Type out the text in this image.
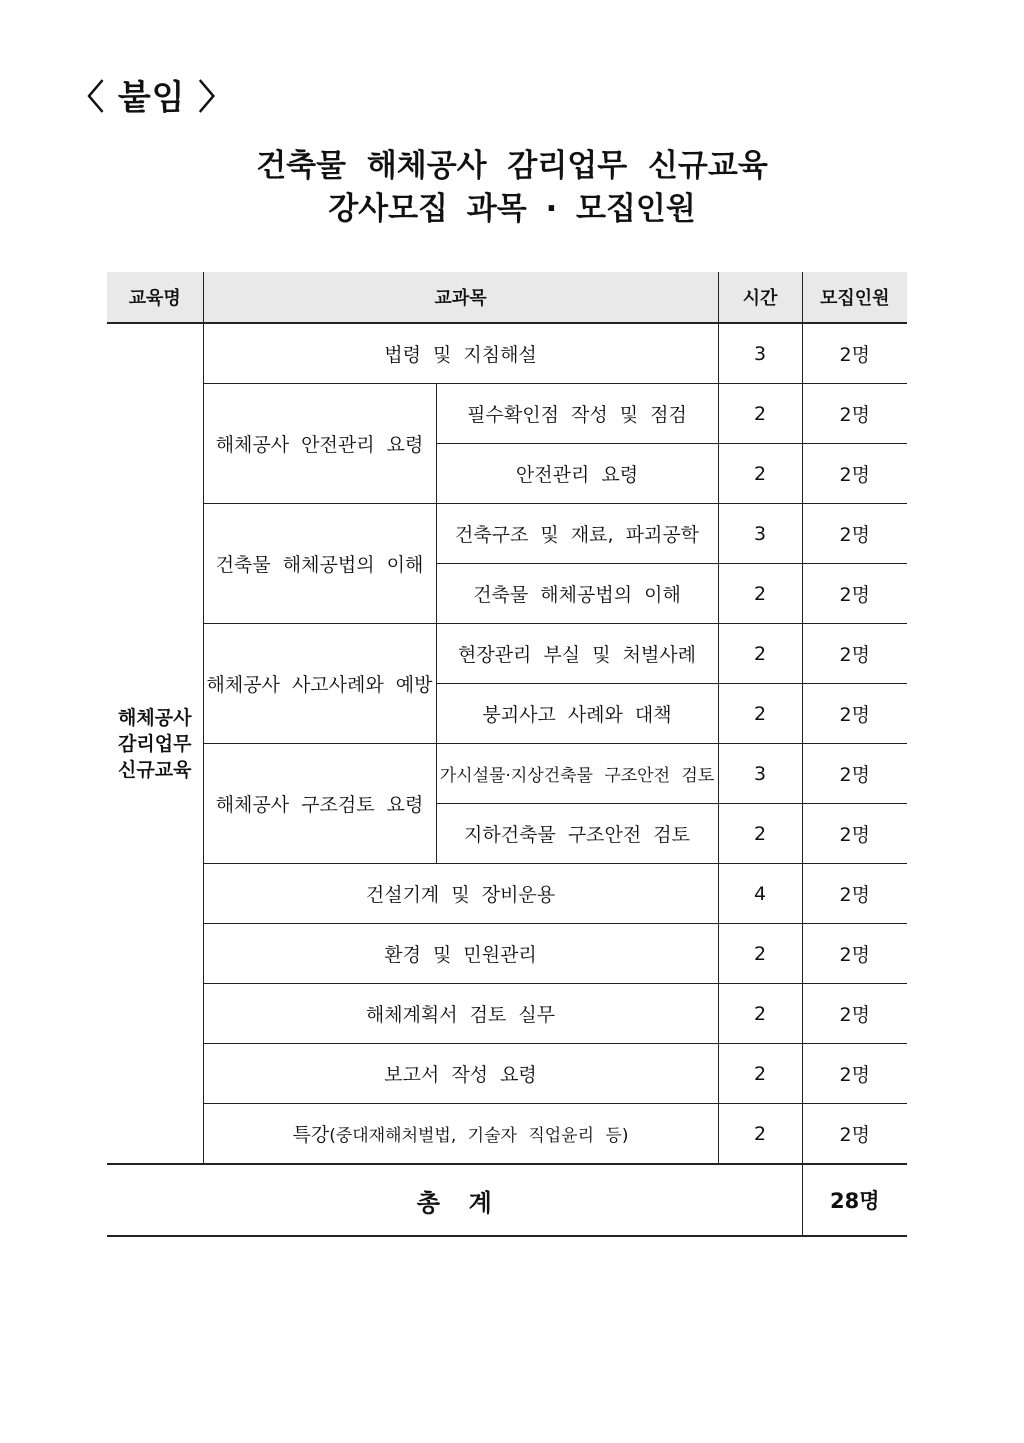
〈 붙임 〉
건축물 해체공사 감리업무 신규교육
강사모집 과목 · 모집인원
교육명	교과목		시간	모집인원

해체공사
감리업무
신규교육	법령 및 지침해설		3	2명
	해체공사 안전관리 요령	필수확인점 작성 및 점검	2	2명
		안전관리 요령	2	2명
	건축물 해체공법의 이해	건축구조 및 재료, 파괴공학	3	2명
		건축물 해체공법의 이해	2	2명
	해체공사 사고사례와 예방	현장관리 부실 및 처벌사례	2	2명
		붕괴사고 사례와 대책	2	2명
	해체공사 구조검토 요령	가시설물·지상건축물 구조안전 검토	3	2명
		지하건축물 구조안전 검토	2	2명
	건설기계 및 장비운용		4	2명
	환경 및 민원관리		2	2명
	해체계획서 검토 실무		2	2명
	보고서 작성 요령		2	2명
	특강(중대재해처벌법, 기술자 직업윤리 등)		2	2명
총  계				28명
